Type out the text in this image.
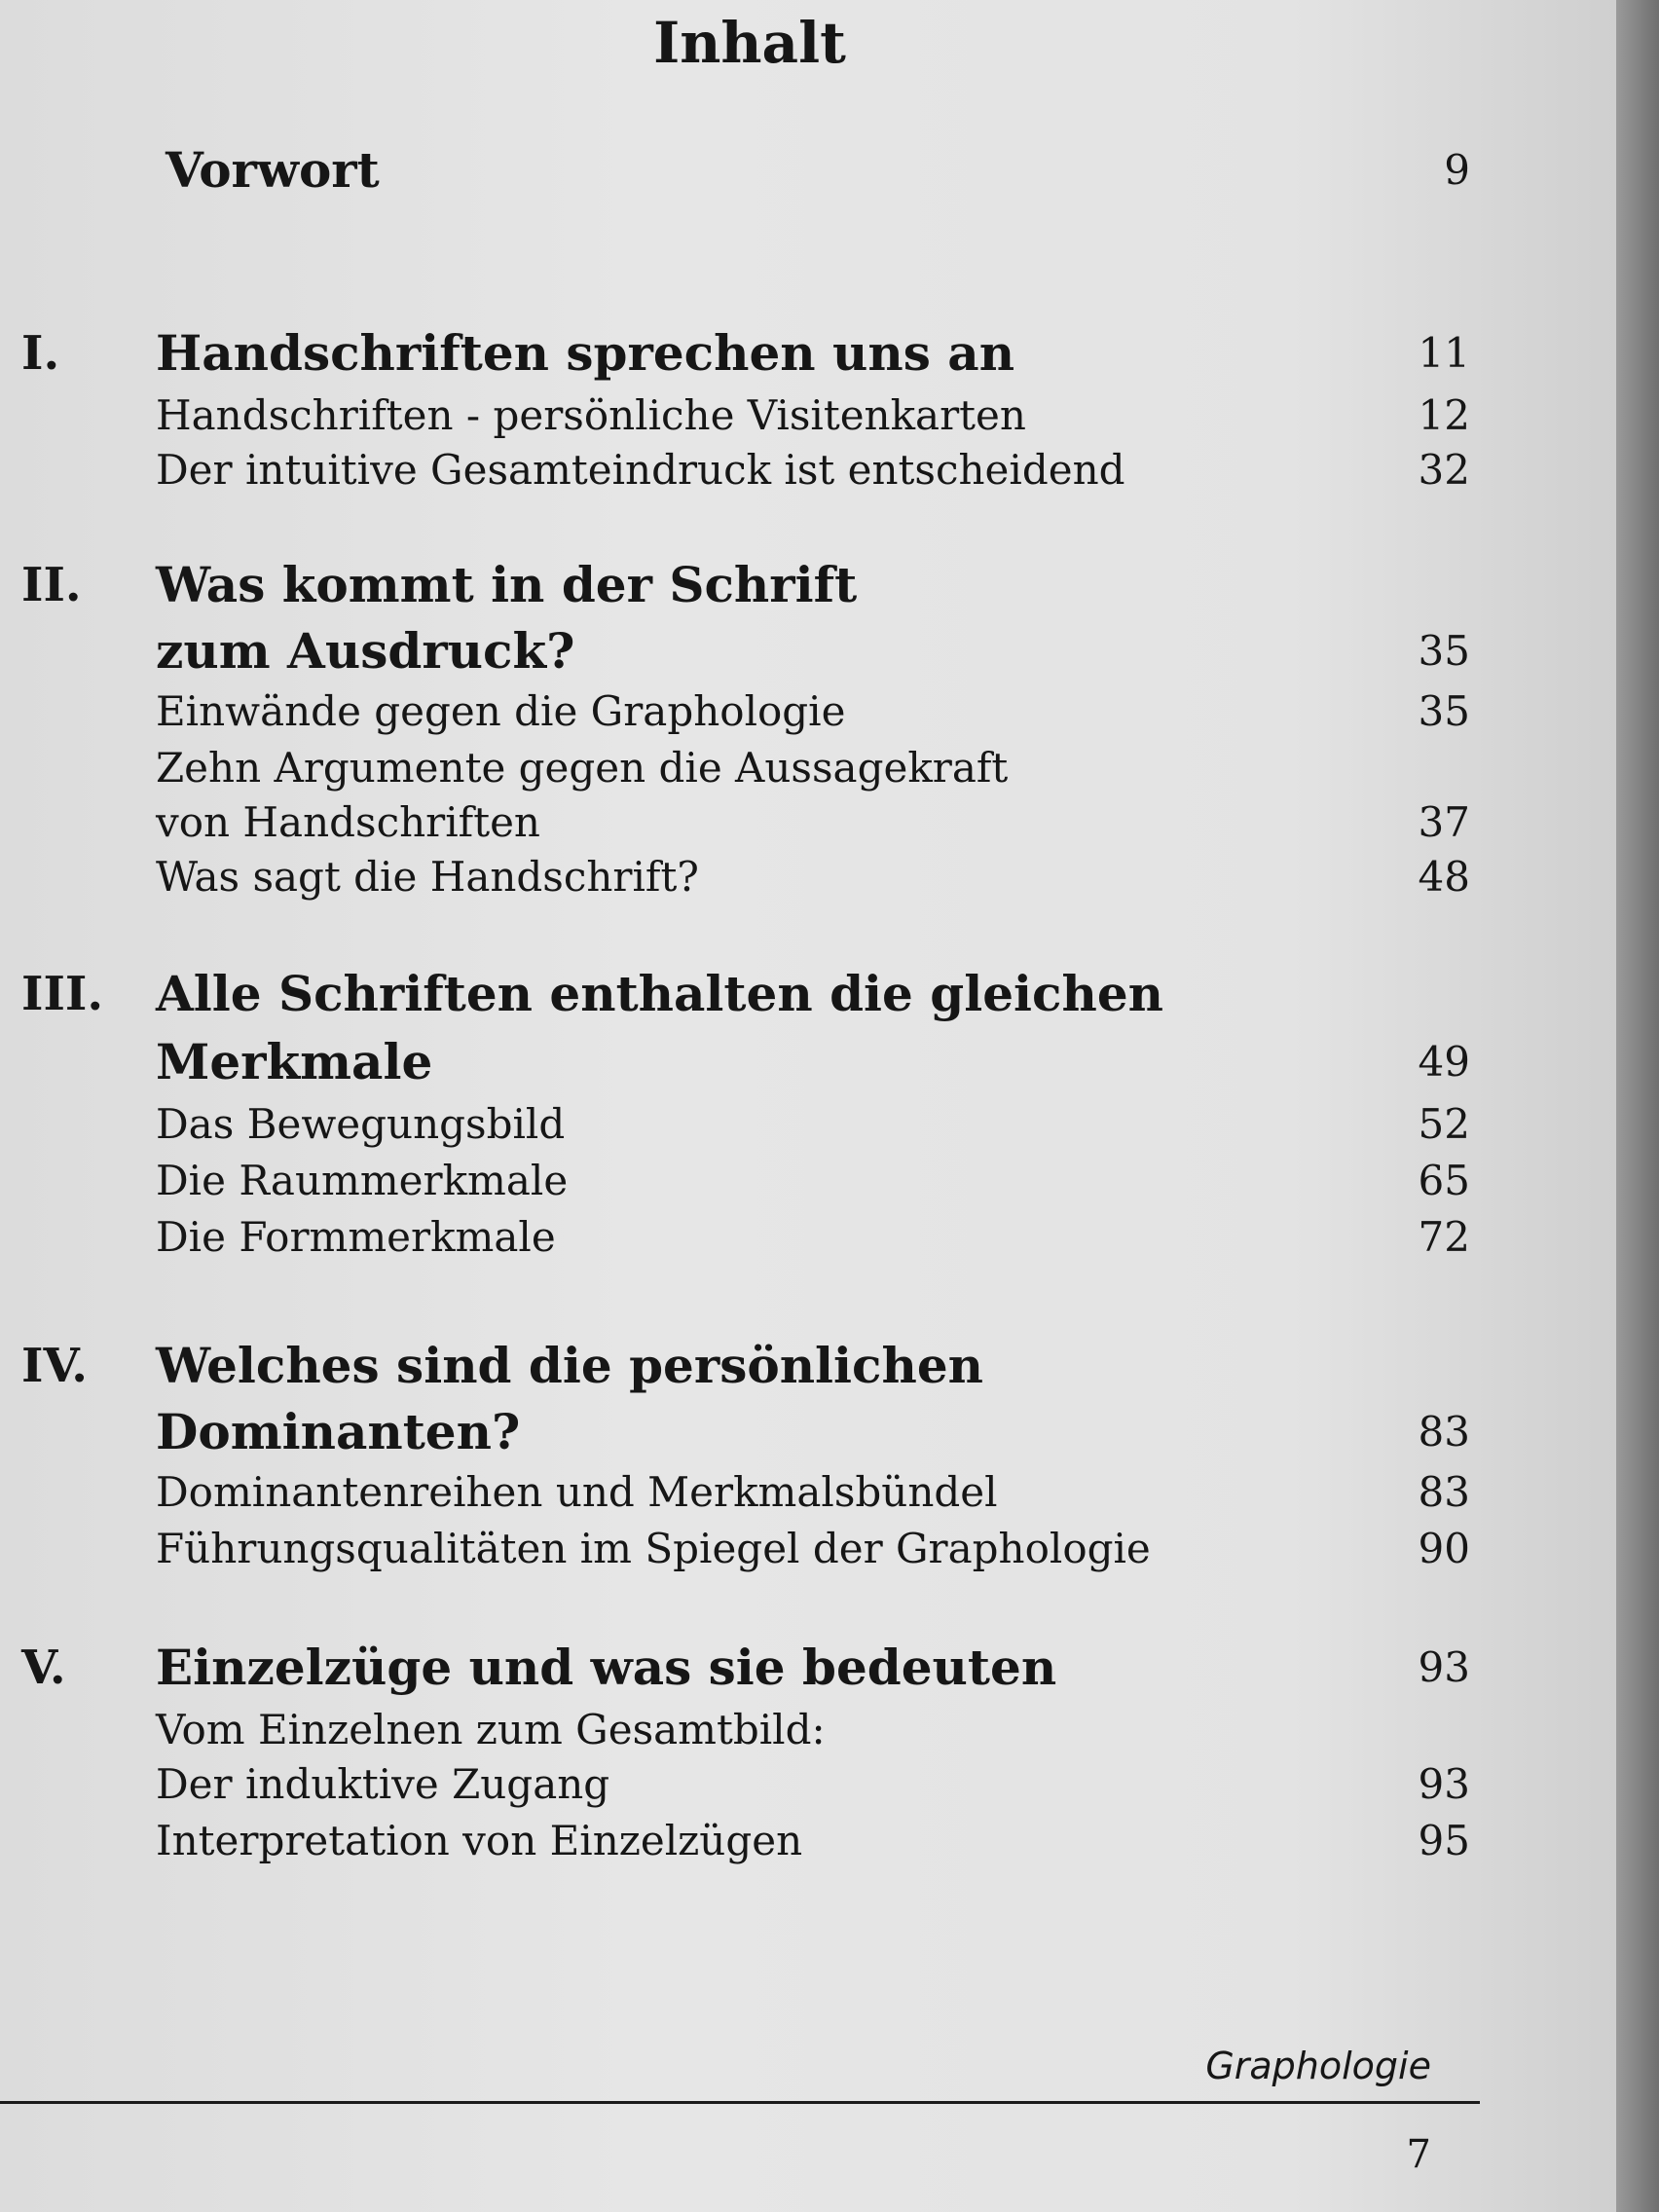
Inhalt
Vorwort	9
I. Handschriften sprechen uns an	11
Handschriften - persönliche Visitenkarten	12
Der intuitive Gesamteindruck ist entscheidend	32
II. Was kommt in der Schrift
zum Ausdruck?	35
Einwände gegen die Graphologie	35
Zehn Argumente gegen die Aussagekraft
von Handschriften	37
Was sagt die Handschrift?	48
III. Alle Schriften enthalten die gleichen
Merkmale	49
Das Bewegungsbild	52
Die Raummerkmale	65
Die Formmerkmale	72
IV. Welches sind die persönlichen
Dominanten?	83
Dominantenreihen und Merkmalsbündel	83
Führungsqualitäten im Spiegel der Graphologie	90
V. Einzelzüge und was sie bedeuten	93
Vom Einzelnen zum Gesamtbild:
Der induktive Zugang	93
Interpretation von Einzelzügen	95
Graphologie
7
